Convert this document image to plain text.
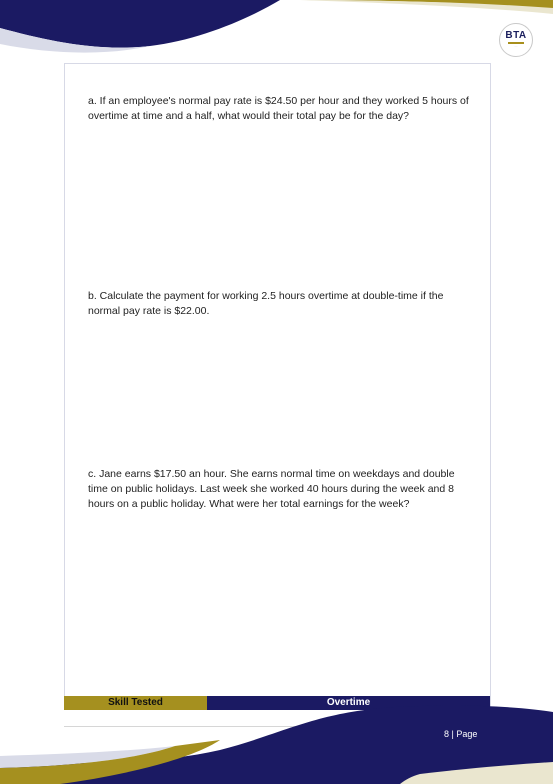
BTA
···

a. If an employee's normal pay rate is $24.50 per hour and they worked 5 hours of overtime at time and a half, what would their total pay be for the day?

b. Calculate the payment for working 2.5 hours overtime at double-time if the normal pay rate is $22.00.

c. Jane earns $17.50 an hour. She earns normal time on weekdays and double time on public holidays. Last week she worked 40 hours during the week and 8 hours on a public holiday. What were her total earnings for the week?

Skill Tested	Overtime
8 | Page
